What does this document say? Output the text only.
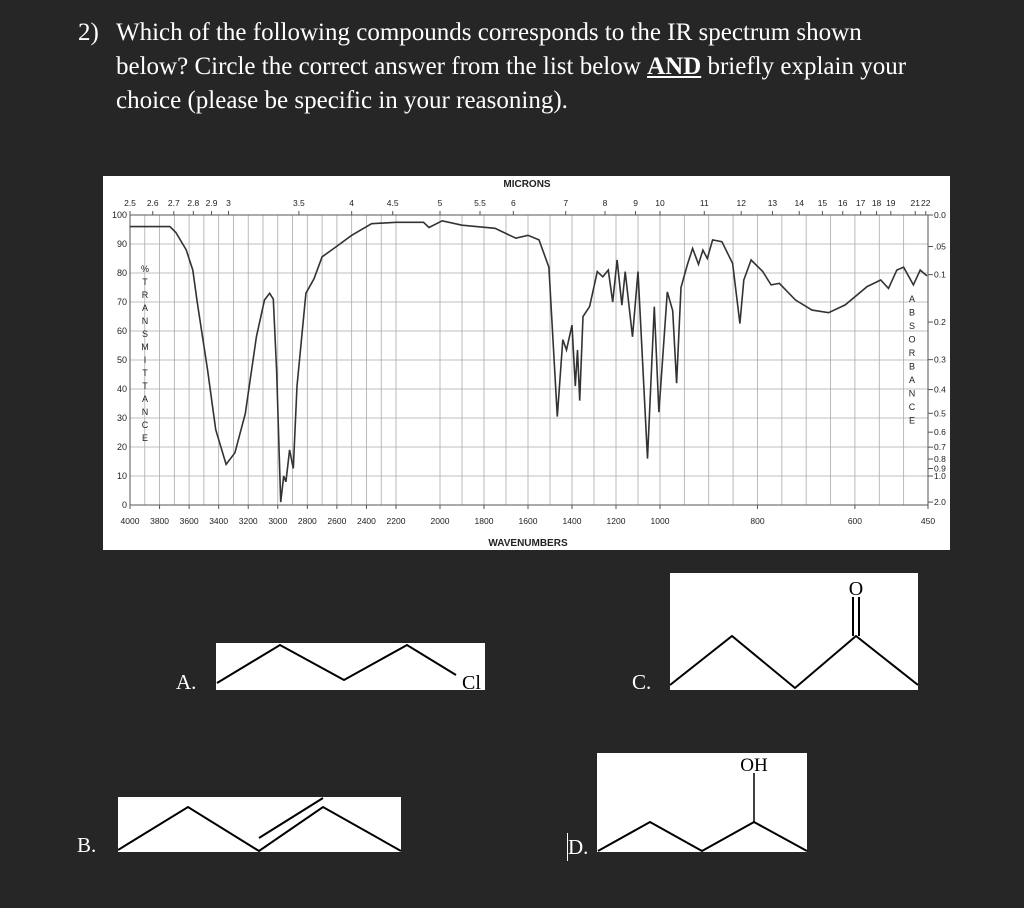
2) Which of the following compounds corresponds to the IR spectrum shown
below? Circle the correct answer from the list below AND briefly explain your
choice (please be specific in your reasoning).
MICRONS
WAVENUMBERS
100
90
80
70
60
50
40
30
20
10
0
4000 3800 3600 3400 3200 3000 2800 2600 2400 2200	2000	1800	1600	1400	1200	1000	800	600	450
2.5 2.6 2.7 2.8 2.9 3	3.5	4	4.5	5	5.5	6	7	8	9 10	11	12	13 14 15 16 17 18 19 21 22
0.0
.05
0.1
0.2
0.3
0.4
0.5
0.6
0.7
0.8
0.9
1.0
2.0
% T R A N S M I T T A N C E
A B S O R B A N C E
A.	Cl	C.
O
B.	D.
OH
